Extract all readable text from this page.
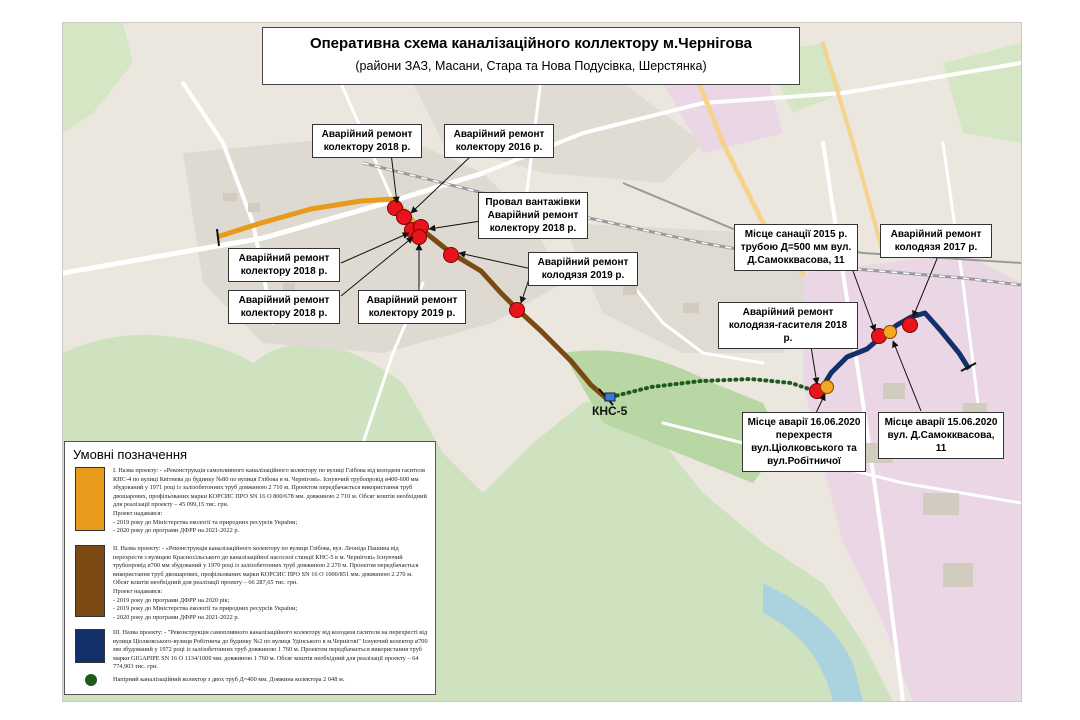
Оперативна схема каналізаційного коллектору м.Чернігова
(райони ЗАЗ, Масани, Стара та Нова Подусівка, Шерстянка)
Аварійний ремонт колектору 2018 р.
Аварійний ремонт колектору 2016 р.
Провал вантажівки Аварійний ремонт колектору 2018 р.
Аварійний ремонт колектору 2018 р.
Аварійний ремонт колектору 2018 р.
Аварійний ремонт колектору 2019 р.
Аварійний ремонт колодязя 2019 р.
Місце санації 2015 р. трубою Д=500 мм вул. Д.Самокквасова, 11
Аварійний ремонт колодязя 2017 р.
Аварійний ремонт колодязя-гасителя 2018 р.
Місце аварії 16.06.2020 перехрестя вул.Ціолковського та вул.Робітничої
Місце аварії 15.06.2020 вул. Д.Самокквасова, 11
КНС-5
Умовні позначення
I. Назва проекту: - «Реконструкція самопливного каналізаційного колектору по вулиці Глібова від колодязя гасителя КНС-4 по вулиці Квітнева до будинку №80 по вулиця Глібова в м. Чернігові». Існуючий трубопровід ø400-600 мм збудований у 1971 році із залізобетонних труб довжиною 2 710 м. Проектом передбачається використання труб двошарових, профільованих марки КОРСИС ПРО SN 16 О 800/678 мм. довжиною 2 710 м. Обсяг коштів необхідний для реалізації проекту – 45 099,15 тис. грн.
Проект надавався:
- 2019 року до Міністерства екології та природних ресурсів України;
- 2020 року до програми ДФРР на 2021-2022 р.
II. Назва проекту: - «Реконструкція каналізаційного колектору по вулиця Глібова, вул. Леоніда Пашина від перехрестя з вулицею Красносільського до каналізаційної насосної станції КНС-5 в м. Чернігові» Існуючий трубопровід ø700 мм збудований у 1970 році із залізобетонних труб довжиною 2 270 м. Проектом передбачається використання труб двошарових, профільованих марки КОРСИС ПРО SN 16 О 1000/851 мм. довжиною 2 270 м. Обсяг коштів необхідний для реалізації проекту – 66 287,65 тис. грн.
Проект надавався:
- 2019 року до програми ДФРР на 2020 рік;
- 2019 року до Міністерства екології та природних ресурсів України;
- 2020 року до програми ДФРР на 2021-2022 р.
III. Назва проекту: - "Реконструкція самопливного каналізаційного колектору від колодязя гасителя на перехресті від вулиця Ціолковського-вулиця Робітнича до будинку №2 по вулиця Удінського в м.Чернігові" Існуючий колектор ø700 мм збудований у 1972 році із залізобетонних труб довжиною 1 760 м. Проектом передбачається використання труб марки GIGAPIPE SN 16 O 1134/1000 мм. довжиною 1 760 м. Обсяг коштів необхідний для реалізації проекту – 64 774,903 тис. грн.
Напірний каналізаційний колектор з двох труб Д=400 мм. Довжина колектора 2 048 м.
